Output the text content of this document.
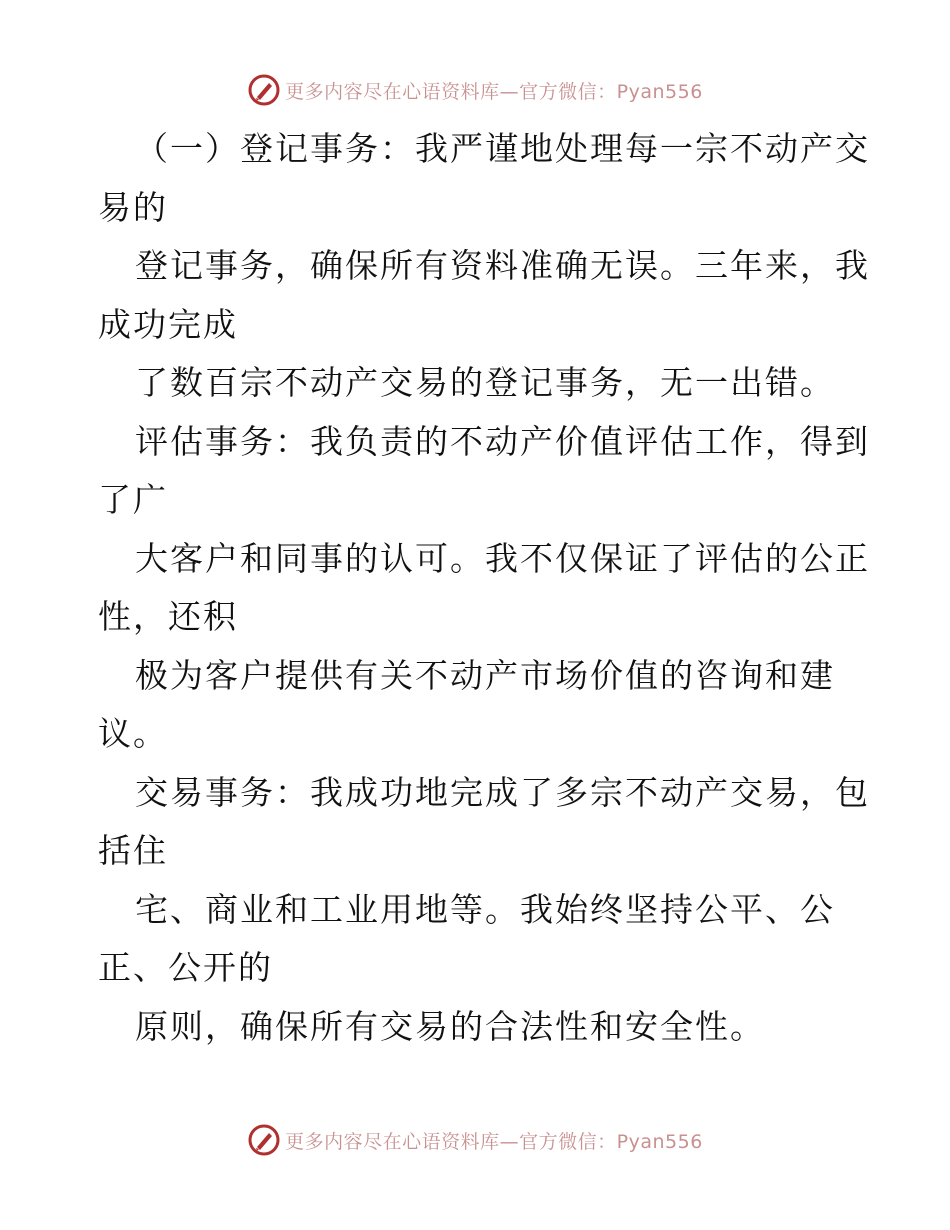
更多内容尽在心语资料库—官方微信：Pyan556
（一）登记事务：我严谨地处理每一宗不动产交
易的
登记事务，确保所有资料准确无误。三年来，我
成功完成
了数百宗不动产交易的登记事务，无一出错。
评估事务：我负责的不动产价值评估工作，得到
了广
大客户和同事的认可。我不仅保证了评估的公正
性，还积
极为客户提供有关不动产市场价值的咨询和建
议。
交易事务：我成功地完成了多宗不动产交易，包
括住
宅、商业和工业用地等。我始终坚持公平、公
正、公开的
原则，确保所有交易的合法性和安全性。
更多内容尽在心语资料库—官方微信：Pyan556
